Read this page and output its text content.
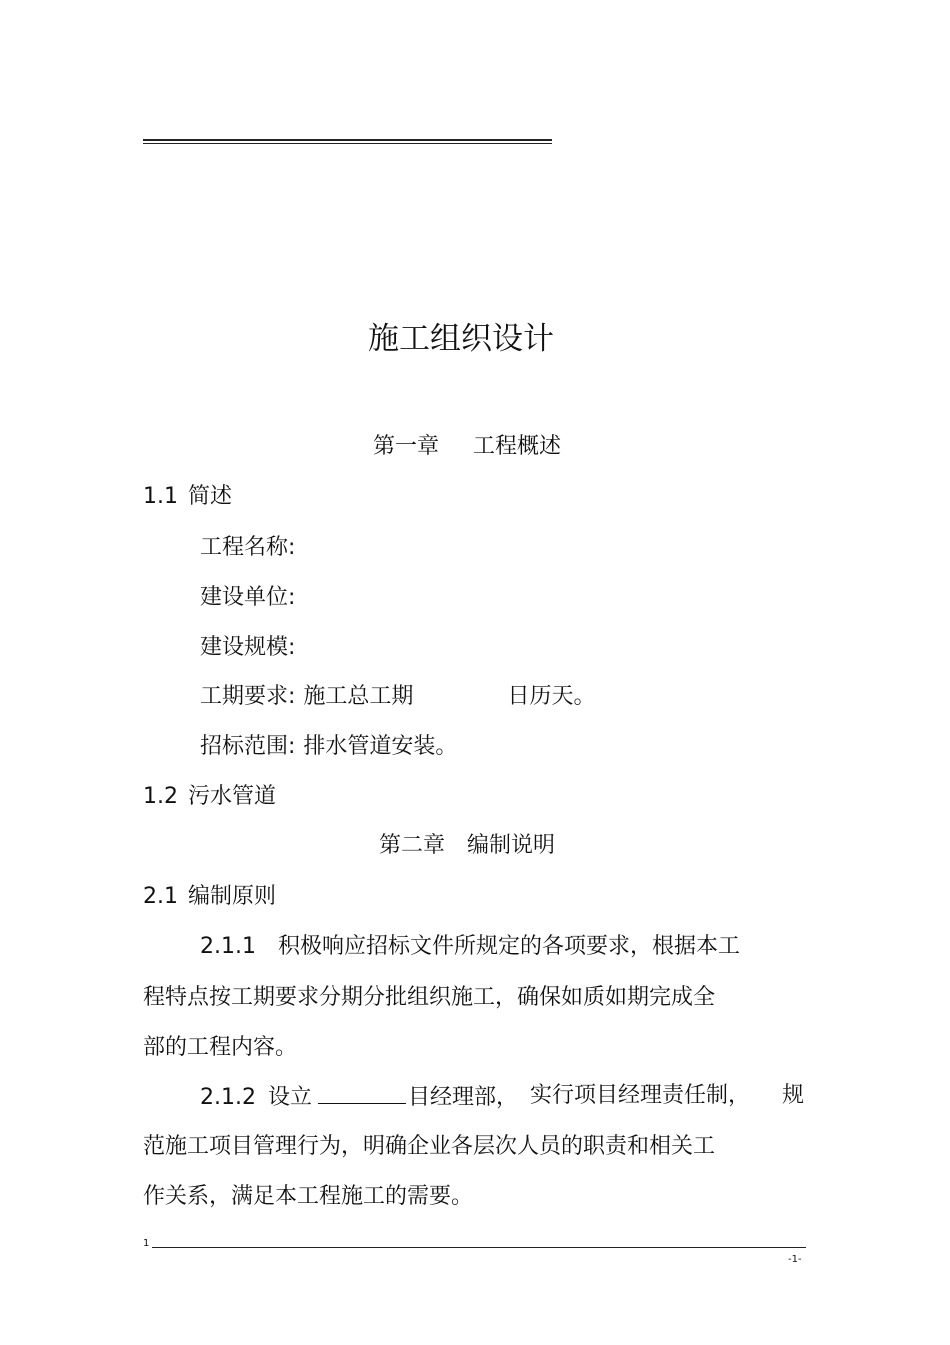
施工组织设计
第一章 工程概述
1.1 简述
工程名称:
建设单位:
建设规模:
工期要求: 施工总工期	日历天。
招标范围: 排水管道安装。
1.2 污水管道
第二章 编制说明
2.1 编制原则
2.1.1 积极响应招标文件所规定的各项要求，根据本工
程特点按工期要求分期分批组织施工，确保如质如期完成全
部的工程内容。
2.1.2 设立	目经理部， 实行项目经理责任制， 规
范施工项目管理行为，明确企业各层次人员的职责和相关工
作关系，满足本工程施工的需要。
1
-1-
